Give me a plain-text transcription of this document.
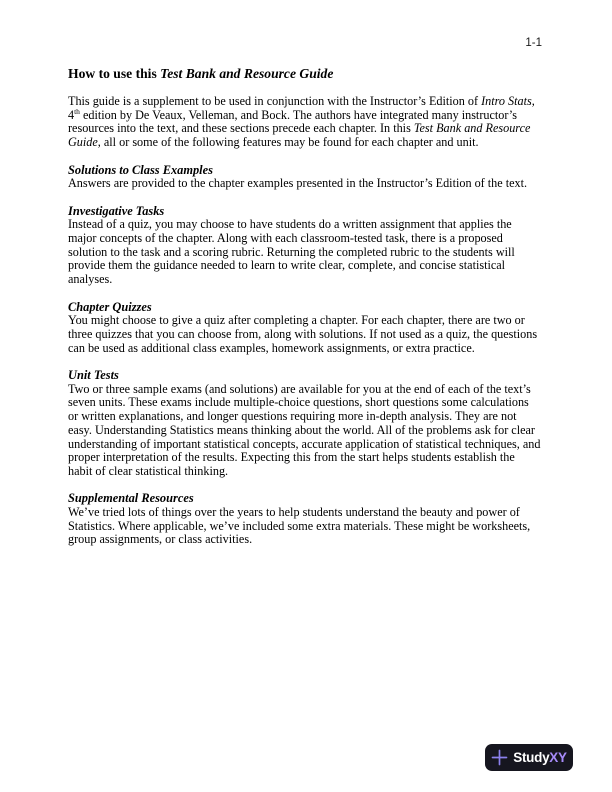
1-1
How to use this Test Bank and Resource Guide

This guide is a supplement to be used in conjunction with the Instructor’s Edition of Intro Stats, 4th edition by De Veaux, Velleman, and Bock. The authors have integrated many instructor’s resources into the text, and these sections precede each chapter. In this Test Bank and Resource Guide, all or some of the following features may be found for each chapter and unit.

Solutions to Class Examples

Answers are provided to the chapter examples presented in the Instructor’s Edition of the text.

Investigative Tasks

Instead of a quiz, you may choose to have students do a written assignment that applies the major concepts of the chapter. Along with each classroom-tested task, there is a proposed solution to the task and a scoring rubric. Returning the completed rubric to the students will provide them the guidance needed to learn to write clear, complete, and concise statistical analyses.

Chapter Quizzes

You might choose to give a quiz after completing a chapter. For each chapter, there are two or three quizzes that you can choose from, along with solutions. If not used as a quiz, the questions can be used as additional class examples, homework assignments, or extra practice.

Unit Tests

Two or three sample exams (and solutions) are available for you at the end of each of the text’s seven units. These exams include multiple-choice questions, short questions some calculations or written explanations, and longer questions requiring more in-depth analysis. They are not easy. Understanding Statistics means thinking about the world. All of the problems ask for clear understanding of important statistical concepts, accurate application of statistical techniques, and proper interpretation of the results. Expecting this from the start helps students establish the habit of clear statistical thinking.

Supplemental Resources

We’ve tried lots of things over the years to help students understand the beauty and power of Statistics. Where applicable, we’ve included some extra materials. These might be worksheets, group assignments, or class activities.

StudyXY
